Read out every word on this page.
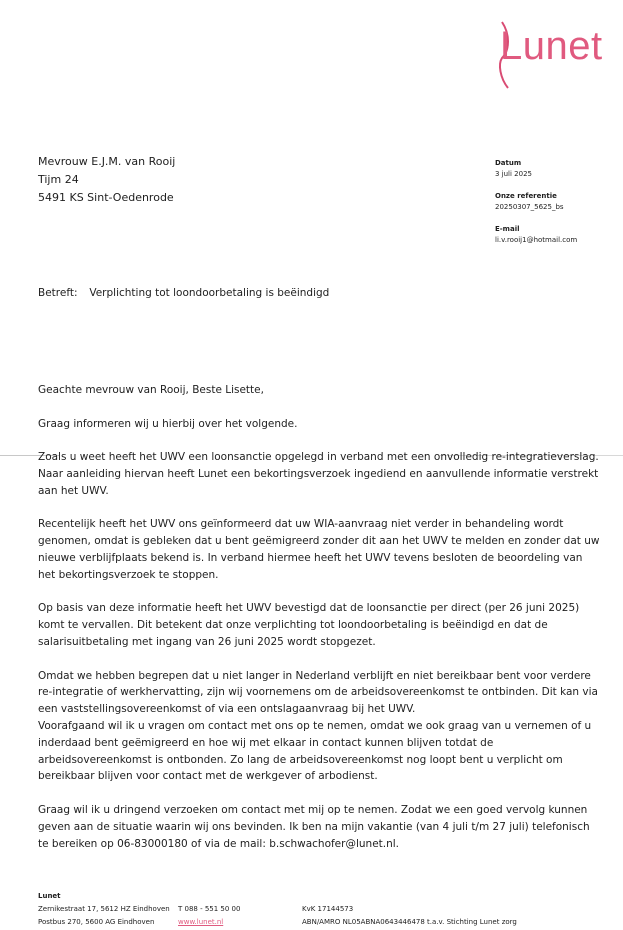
Lunet
Mevrouw E.J.M. van Rooij
Tijm 24
5491 KS Sint-Oedenrode
Datum
3 juli 2025
Onze referentie
20250307_5625_bs
E-mail
li.v.rooij1@hotmail.com
Betreft: Verplichting tot loondoorbetaling is beëindigd

Geachte mevrouw van Rooij, Beste Lisette,

Graag informeren wij u hierbij over het volgende.

Zoals u weet heeft het UWV een loonsanctie opgelegd in verband met een onvolledig re-integratieverslag. Naar aanleiding hiervan heeft Lunet een bekortingsverzoek ingediend en aanvullende informatie verstrekt aan het UWV.

Recentelijk heeft het UWV ons geïnformeerd dat uw WIA-aanvraag niet verder in behandeling wordt genomen, omdat is gebleken dat u bent geëmigreerd zonder dit aan het UWV te melden en zonder dat uw nieuwe verblijfplaats bekend is. In verband hiermee heeft het UWV tevens besloten de beoordeling van het bekortingsverzoek te stoppen.

Op basis van deze informatie heeft het UWV bevestigd dat de loonsanctie per direct (per 26 juni 2025) komt te vervallen. Dit betekent dat onze verplichting tot loondoorbetaling is beëindigd en dat de salarisuitbetaling met ingang van 26 juni 2025 wordt stopgezet.

Omdat we hebben begrepen dat u niet langer in Nederland verblijft en niet bereikbaar bent voor verdere re-integratie of werkhervatting, zijn wij voornemens om de arbeidsovereenkomst te ontbinden. Dit kan via een vaststellingsovereenkomst of via een ontslagaanvraag bij het UWV.

Voorafgaand wil ik u vragen om contact met ons op te nemen, omdat we ook graag van u vernemen of u inderdaad bent geëmigreerd en hoe wij met elkaar in contact kunnen blijven totdat de arbeidsovereenkomst is ontbonden. Zo lang de arbeidsovereenkomst nog loopt bent u verplicht om bereikbaar blijven voor contact met de werkgever of arbodienst.

Graag wil ik u dringend verzoeken om contact met mij op te nemen. Zodat we een goed vervolg kunnen geven aan de situatie waarin wij ons bevinden. Ik ben na mijn vakantie (van 4 juli t/m 27 juli) telefonisch te bereiken op 06-83000180 of via de mail: b.schwachofer@lunet.nl.

Lunet
Zernikestraat 17, 5612 HZ Eindhoven
Postbus 270, 5600 AG Eindhoven
T 088 - 551 50 00
www.lunet.nl
KvK 17144573
ABN/AMRO NL05ABNA0643446478 t.a.v. Stichting Lunet zorg
